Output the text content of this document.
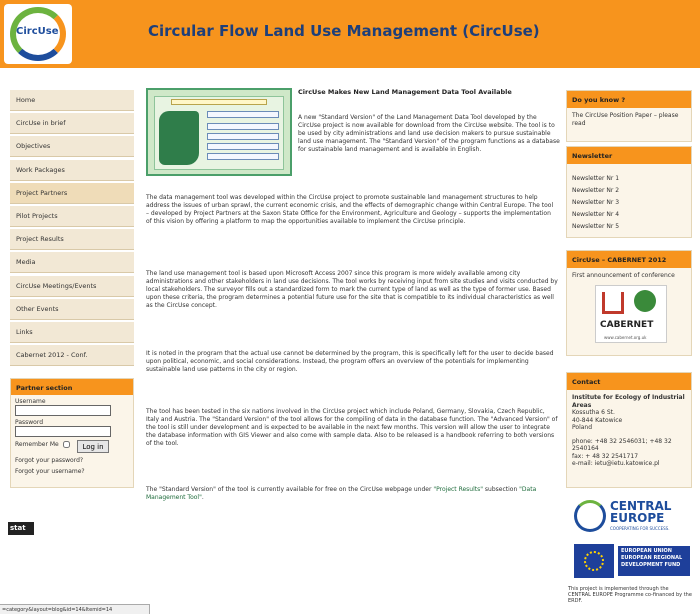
CircUse	Circular Flow Land Use Management (CircUse)
Home
CircUse in brief
Objectives
Work Packages
Project Partners
Pilot Projects
Project Results
Media
CircUse Meetings/Events
Other Events
Links
Cabernet 2012 - Conf.
Partner section
Username
Password
Remember Me	Log in
Forgot your password?
Forgot your username?
stat
=category&layout=blog&id=14&Itemid=14
CircUse Makes New Land Management Data Tool Available
A new "Standard Version" of the Land Management Data Tool developed by the CircUse project is now available for download from the CircUse website. The tool is to be used by city administrations and land use decision makers to pursue sustainable land use management. The "Standard Version" of the program functions as a database for sustainable land management and is available in English.
The data management tool was developed within the CircUse project to promote sustainable land management structures to help address the issues of urban sprawl, the current economic crisis, and the effects of demographic change within Central Europe. The tool – developed by Project Partners at the Saxon State Office for the Environment, Agriculture and Geology – supports the implementation of this vision by offering a platform to map the opportunities available to implement the CircUse principle.
The land use management tool is based upon Microsoft Access 2007 since this program is more widely available among city administrations and other stakeholders in land use decisions. The tool works by receiving input from site studies and visits conducted by local stakeholders. The surveyor fills out a standardized form to mark the current type of land as well as the type of former use. Based upon these criteria, the program determines a potential future use for the site that is compatible to its individual characteristics as well as the CircUse concept.
It is noted in the program that the actual use cannot be determined by the program, this is specifically left for the user to decide based upon political, economic, and social considerations. Instead, the program offers an overview of the potentials for implementing sustainable land use patterns in the city or region.
The tool has been tested in the six nations involved in the CircUse project which include Poland, Germany, Slovakia, Czech Republic, Italy and Austria. The "Standard Version" of the tool allows for the compiling of data in the database function. The "Advanced Version" of the tool is still under development and is expected to be available in the next few months. This version will allow the user to integrate the database information with GIS Viewer and also come with sample data. Also to be released is a handbook referring to both versions of the tool.
The "Standard Version" of the tool is currently available for free on the CircUse webpage under "Project Results" subsection "Data Management Tool".
Do you know ?
The CircUse Position Paper – please read
Newsletter
Newsletter Nr 1
Newsletter Nr 2
Newsletter Nr 3
Newsletter Nr 4
Newsletter Nr 5
CircUse – CABERNET 2012
First announcement of conference
CABERNET
www.cabernet.org.uk
Contact
Institute for Ecology of Industrial Areas
Kossutha 6 St.
40-844 Katowice
Poland
phone: +48 32 2546031; +48 32 2540164
fax: + 48 32 2541717
e-mail: ietu@ietu.katowice.pl
CENTRAL
EUROPE
COOPERATING FOR SUCCESS.
EUROPEAN UNION EUROPEAN REGIONAL DEVELOPMENT FUND
This project is implemented through the CENTRAL EUROPE Programme co-financed by the ERDF.
